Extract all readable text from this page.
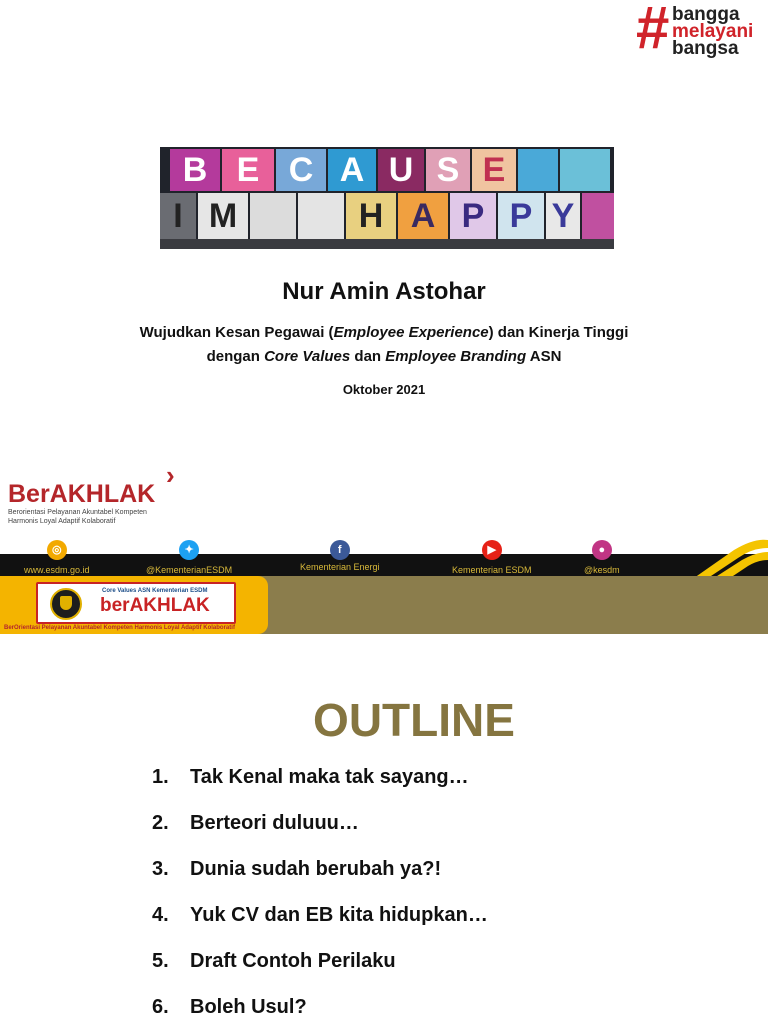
# bangga
melayani
bangsa
B E C A U S E
I M	H A P P Y
Nur Amin Astohar
Wujudkan Kesan Pegawai (Employee Experience) dan Kinerja Tinggi
dengan Core Values dan Employee Branding ASN
Oktober 2021
›
BerAKHLAK
Berorientasi Pelayanan Akuntabel Kompeten
Harmonis Loyal Adaptif Kolaboratif
◎
www.esdm.go.id
✦
@KementerianESDM
f
Kementerian Energi
▶
Kementerian ESDM
●
@kesdm
Core Values ASN Kementerian ESDM
berAKHLAK
BerOrientasi Pelayanan Akuntabel Kompeten Harmonis Loyal Adaptif Kolaboratif
OUTLINE
1.	Tak Kenal maka tak sayang…
2.	Berteori duluuu…
3.	Dunia sudah berubah ya?!
4.	Yuk CV dan EB kita hidupkan…
5.	Draft Contoh Perilaku
6.	Boleh Usul?
